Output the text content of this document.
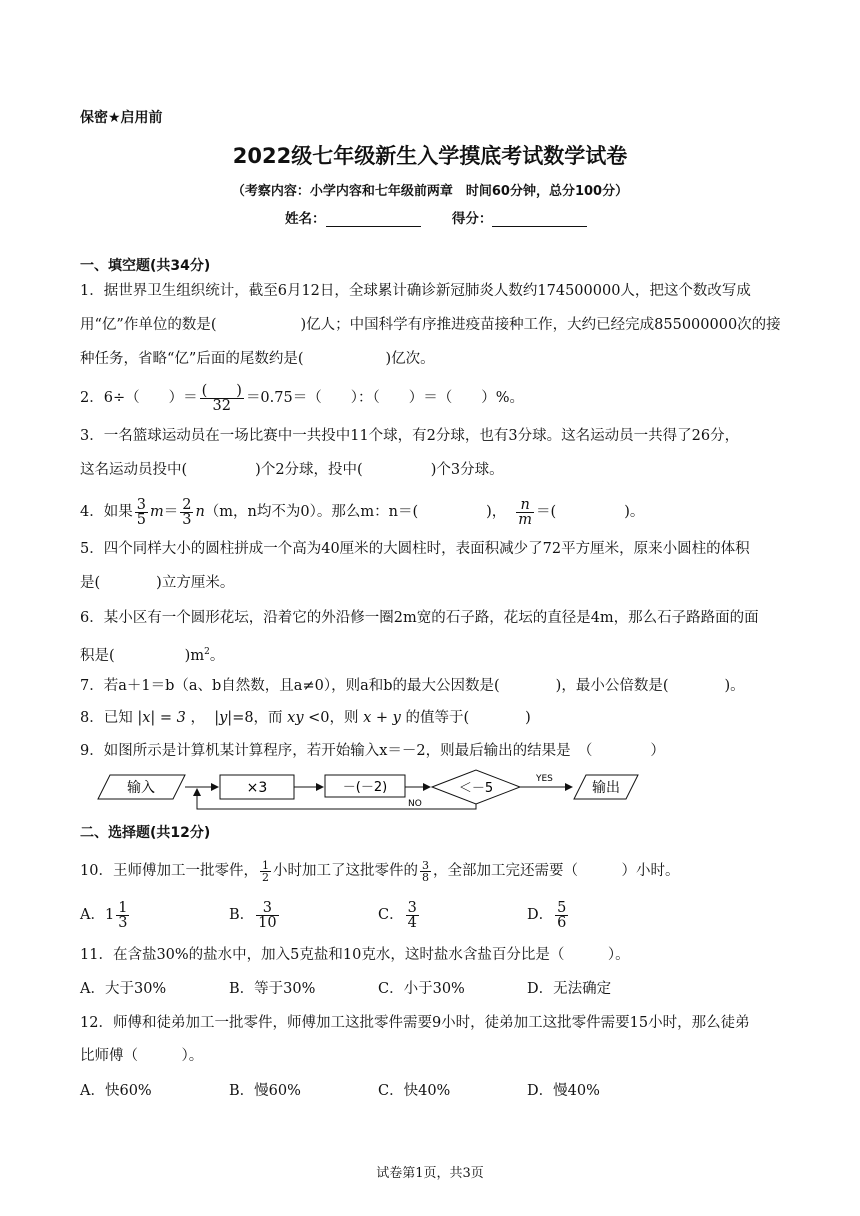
保密★启用前
2022级七年级新生入学摸底考试数学试卷
（考察内容：小学内容和七年级前两章　时间60分钟，总分100分）
姓名：	得分：
一、填空题(共34分)
1．据世界卫生组织统计，截至6月12日，全球累计确诊新冠肺炎人数约174500000人，把这个数改写成
用“亿”作单位的数是(	)亿人；中国科学有序推进疫苗接种工作，大约已经完成855000000次的接
种任务，省略“亿”后面的尾数约是(	)亿次。
2．6÷（　　）＝ $\frac{( )}{32} =0.75=$（　　）：（　　）＝（　　）%。
3．一名篮球运动员在一场比赛中一共投中11个球，有2分球，也有3分球。这名运动员一共得了26分，
这名运动员投中(	)个2分球，投中(	)个3分球。
4．如果 $\frac{3}{5}$ $m = \frac{2}{3}$ n （m，n均不为0）。那么m：n＝(	)， $\frac{n}{m}$ ＝(	)。
5．四个同样大小的圆柱拼成一个高为40厘米的大圆柱时，表面积减少了72平方厘米，原来小圆柱的体积
是(	)立方厘米。
6．某小区有一个圆形花坛，沿着它的外沿修一圈2m宽的石子路，花坛的直径是4m，那么石子路路面的面
积是(	)$m^2$。
7．若a＋1＝b（a、b自然数，且a≠0），则a和b的最大公因数是(	)，最小公倍数是(	)。
8．已知 |x| = 3 ， |y|=8，而 xy <0，则 x + y 的值等于(	)
9．如图所示是计算机某计算程序，若开始输入x＝－2，则最后输出的结果是　（　　　　）
输入	×3	－(－2)	＜－5
YES
输出
NO
二、选择题(共12分)
10．王师傅加工一批零件， $\frac{1}{2}$ 小时加工了这批零件的 $\frac{3}{8}$ ，全部加工完还需要（　　　）小时。
A．$1 \frac{1}{3}$	B． $\frac{3}{10}$	C． $\frac{3}{4}$	D． $\frac{5}{6}$
11．在含盐30%的盐水中，加入5克盐和10克水，这时盐水含盐百分比是（　　　）。
A．大于30%	B．等于30%	C．小于30%	D．无法确定
12．师傅和徒弟加工一批零件，师傅加工这批零件需要9小时，徒弟加工这批零件需要15小时，那么徒弟
比师傅（　　　）。
A．快60%	B．慢60%	C．快40%	D．慢40%
试卷第1页，共3页
